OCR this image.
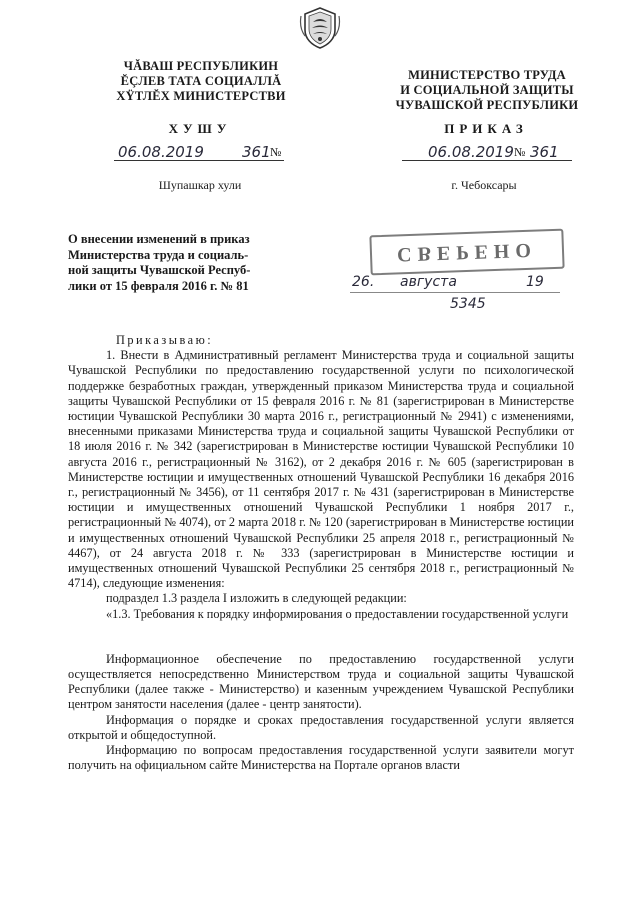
ЧĂВАШ РЕСПУБЛИКИН
ĔÇЛЕВ ТАТА СОЦИАЛЛĂ
ХŸТЛĔХ МИНИСТЕРСТВИ
МИНИСТЕРСТВО ТРУДА
И СОЦИАЛЬНОЙ ЗАЩИТЫ
ЧУВАШСКОЙ РЕСПУБЛИКИ
ХУШУ	ПРИКАЗ
06.08.2019	361 №	06.08.2019 № 361
Шупашкар хули	г. Чебоксары
О внесении изменений в приказ
Министерства труда и социаль-
ной защиты Чувашской Респуб-
лики от 15 февраля 2016 г. № 81
СВЕРЕНО
26. августа	19
5345

Приказываю:

1. Внести в Административный регламент Министерства труда и социальной защиты Чувашской Республики по предоставлению государственной услуги по психологической поддержке безработных граждан, утвержденный приказом Министерства труда и социальной защиты Чувашской Республики от 15 февраля 2016 г. № 81 (зарегистрирован в Министерстве юстиции Чувашской Республики 30 марта 2016 г., регистрационный № 2941) с изменениями, внесенными приказами Министерства труда и социальной защиты Чувашской Республики от 18 июля 2016 г. № 342 (зарегистрирован в Министерстве юстиции Чувашской Республики 10 августа 2016 г., регистрационный № 3162), от 2 декабря 2016 г. № 605 (зарегистрирован в Министерстве юстиции и имущественных отношений Чувашской Республики 16 декабря 2016 г., регистрационный № 3456), от 11 сентября 2017 г. № 431 (зарегистрирован в Министерстве юстиции и имущественных отношений Чувашской Республики 1 ноября 2017 г., регистрационный № 4074), от 2 марта 2018 г. № 120 (зарегистрирован в Министерстве юстиции и имущественных отношений Чувашской Республики 25 апреля 2018 г., регистрационный № 4467), от 24 августа 2018 г. № 333 (зарегистрирован в Министерстве юстиции и имущественных отношений Чувашской Республики 25 сентября 2018 г., регистрационный № 4714), следующие изменения:

подраздел 1.3 раздела I изложить в следующей редакции:

«1.3. Требования к порядку информирования о предоставлении государственной услуги

Информационное обеспечение по предоставлению государственной услуги осуществляется непосредственно Министерством труда и социальной защиты Чувашской Республики (далее также - Министерство) и казенным учреждением Чувашской Республики центром занятости населения (далее - центр занятости).

Информация о порядке и сроках предоставления государственной услуги является открытой и общедоступной.

Информацию по вопросам предоставления государственной услуги заявители могут получить на официальном сайте Министерства на Портале органов власти
